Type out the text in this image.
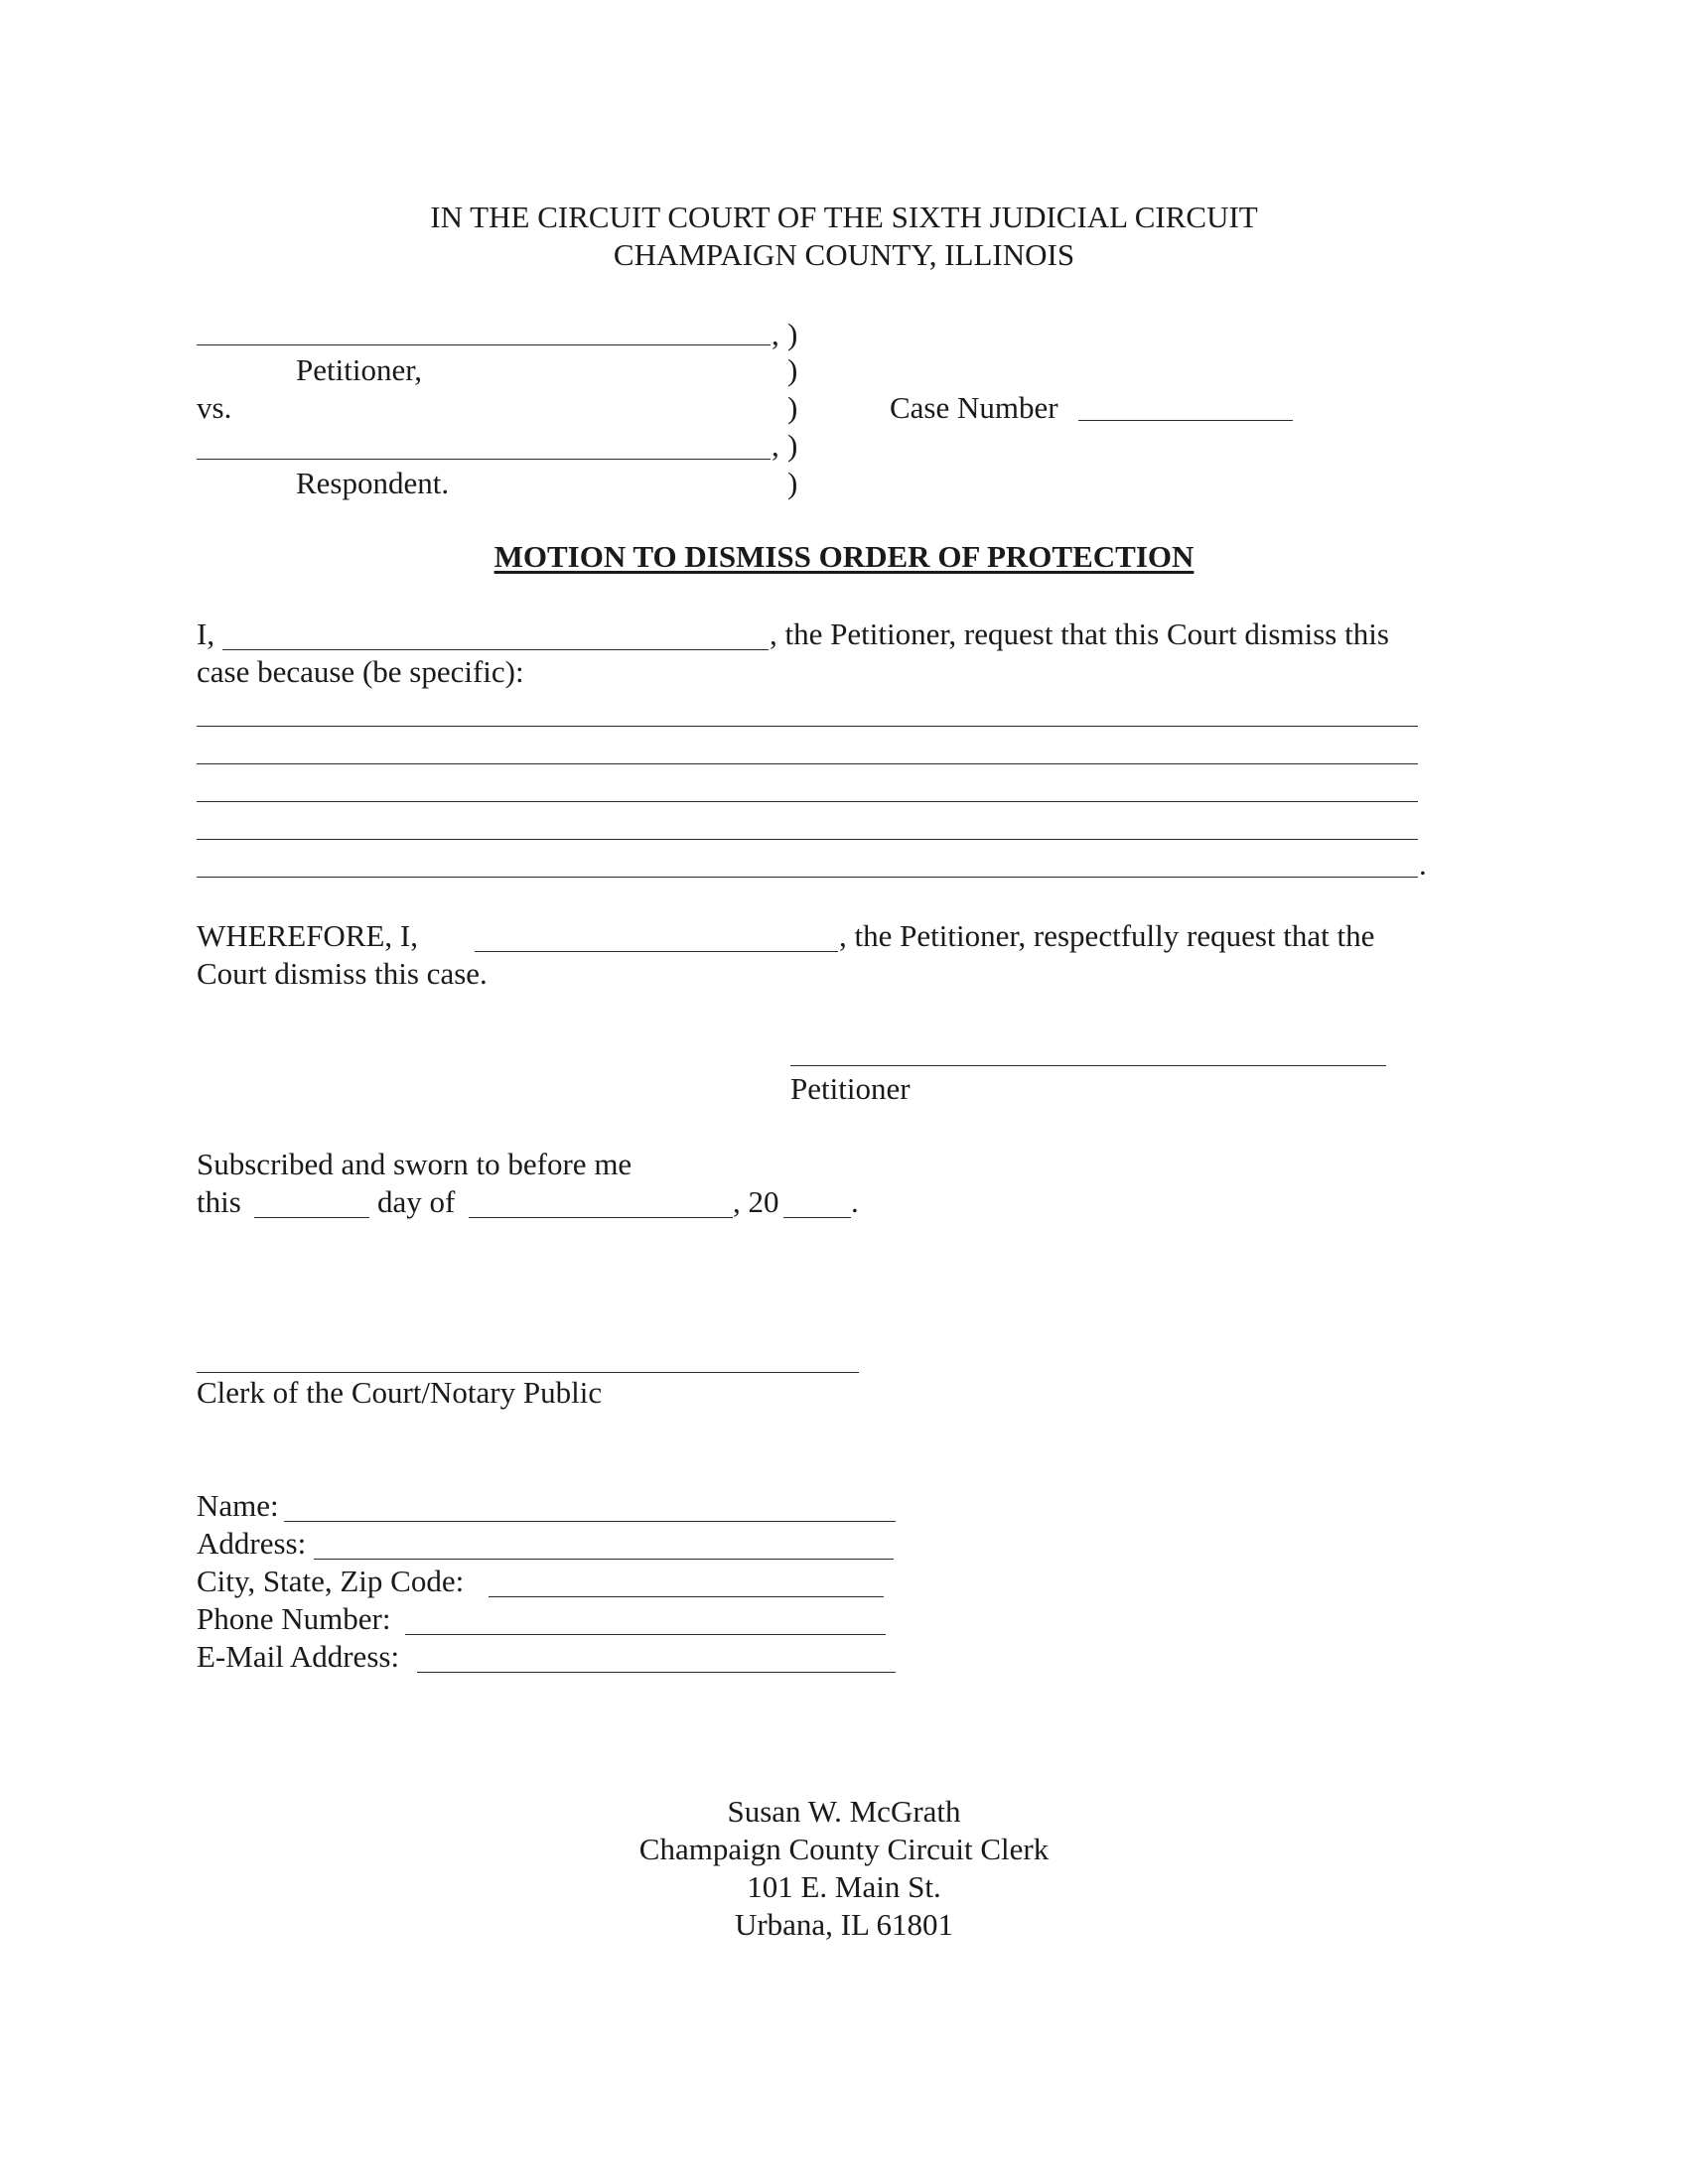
IN THE CIRCUIT COURT OF THE SIXTH JUDICIAL CIRCUIT
CHAMPAIGN COUNTY, ILLINOIS
, )
Petitioner,	)
vs.	)	Case Number
, )
Respondent.	)
MOTION TO DISMISS ORDER OF PROTECTION
I,	, the Petitioner, request that this Court dismiss this
case because (be specific):
.
WHEREFORE, I,	, the Petitioner, respectfully request that the
Court dismiss this case.
Petitioner
Subscribed and sworn to before me
this	day of	, 20 .
Clerk of the Court/Notary Public
Name:
Address:
City, State, Zip Code:
Phone Number:
E-Mail Address:
Susan W. McGrath
Champaign County Circuit Clerk
101 E. Main St.
Urbana, IL 61801
